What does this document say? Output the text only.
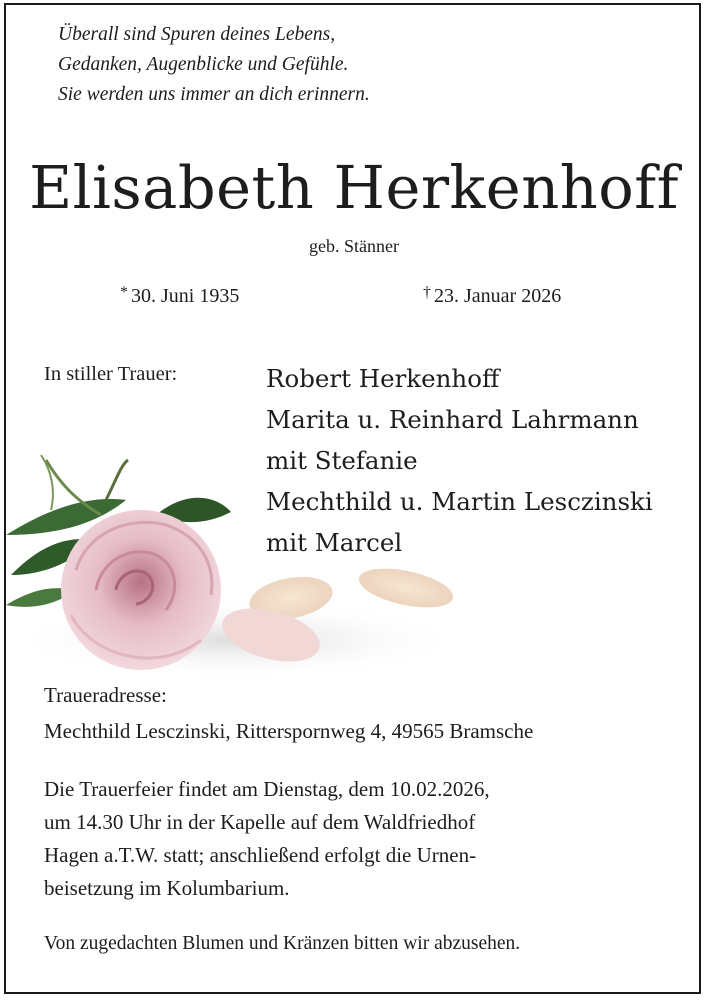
Überall sind Spuren deines Lebens,
Gedanken, Augenblicke und Gefühle.
Sie werden uns immer an dich erinnern.
Elisabeth Herkenhoff
geb. Stänner
* 30. Juni 1935	† 23. Januar 2026
In stiller Trauer:	Robert Herkenhoff
Marita u. Reinhard Lahrmann
mit Stefanie
Mechthild u. Martin Lesczinski
mit Marcel
Traueradresse:
Mechthild Lesczinski, Ritterspornweg 4, 49565 Bramsche
Die Trauerfeier findet am Dienstag, dem 10.02.2026,
um 14.30 Uhr in der Kapelle auf dem Waldfriedhof
Hagen a.T.W. statt; anschließend erfolgt die Urnen-
beisetzung im Kolumbarium.
Von zugedachten Blumen und Kränzen bitten wir abzusehen.
